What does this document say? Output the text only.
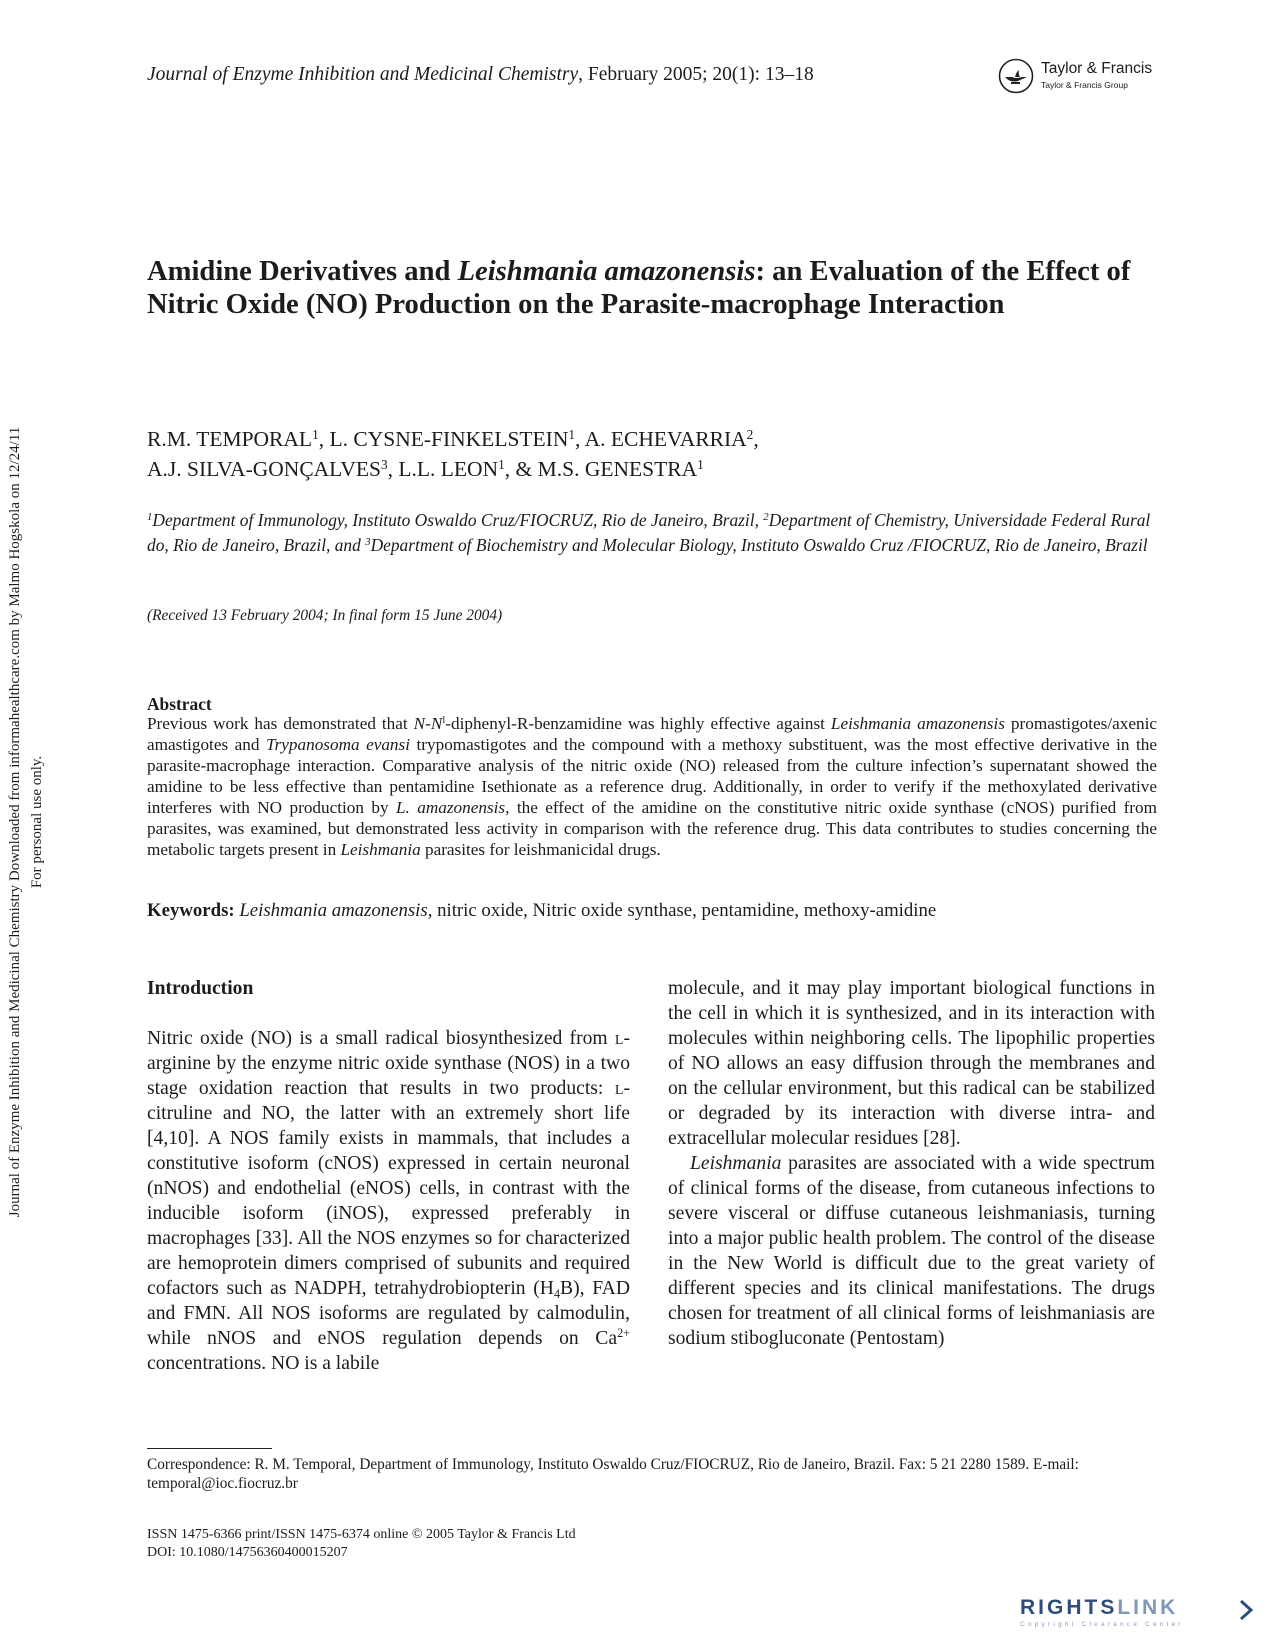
Journal of Enzyme Inhibition and Medicinal Chemistry, February 2005; 20(1): 13–18	Taylor & Francis
Taylor & Francis Group
Journal of Enzyme Inhibition and Medicinal Chemistry Downloaded from informahealthcare.com by Malmo Hogskola on 12/24/11 For personal use only.
Amidine Derivatives and Leishmania amazonensis: an Evaluation of the Effect of Nitric Oxide (NO) Production on the Parasite-macrophage Interaction
R.M. TEMPORAL$^1$, L. CYSNE-FINKELSTEIN$^1$, A. ECHEVARRIA$^2$,
A.J. SILVA-GONÇALVES$^3$, L.L. LEON$^1$, & M.S. GENESTRA$^1$
$^1$Department of Immunology, Instituto Oswaldo Cruz/FIOCRUZ, Rio de Janeiro, Brazil, $^2$Department of Chemistry, Universidade Federal Rural do, Rio de Janeiro, Brazil, and $^3$Department of Biochemistry and Molecular Biology, Instituto Oswaldo Cruz /FIOCRUZ, Rio de Janeiro, Brazil
(Received 13 February 2004; In final form 15 June 2004)
Abstract
Previous work has demonstrated that $N-N^l-diphenyl-R$-benzamidine was highly effective against Leishmania amazonensis promastigotes/axenic amastigotes and Trypanosoma evansi trypomastigotes and the compound with a methoxy substituent, was the most effective derivative in the parasite-macrophage interaction. Comparative analysis of the nitric oxide (NO) released from the culture infection’s supernatant showed the amidine to be less effective than pentamidine Isethionate as a reference drug. Additionally, in order to verify if the methoxylated derivative interferes with NO production by L. amazonensis, the effect of the amidine on the constitutive nitric oxide synthase (cNOS) purified from parasites, was examined, but demonstrated less activity in comparison with the reference drug. This data contributes to studies concerning the metabolic targets present in Leishmania parasites for leishmanicidal drugs.
Keywords: Leishmania amazonensis, nitric oxide, Nitric oxide synthase, pentamidine, methoxy-amidine
Introduction
Nitric oxide (NO) is a small radical biosynthesized from l-arginine by the enzyme nitric oxide synthase (NOS) in a two stage oxidation reaction that results in two products: l-citruline and NO, the latter with an extremely short life [4,10]. A NOS family exists in mammals, that includes a constitutive isoform (cNOS) expressed in certain neuronal (nNOS) and endothelial (eNOS) cells, in contrast with the inducible isoform (iNOS), expressed preferably in macrophages [33]. All the NOS enzymes so for characterized are hemoprotein dimers comprised of subunits and required cofactors such as NADPH, tetrahydrobiopterin $(H_4B)$, FAD and FMN. All NOS isoforms are regulated by calmodulin, while nNOS and eNOS regulation depends on $Ca^{2+}$ concentrations. NO is a labile

molecule, and it may play important biological functions in the cell in which it is synthesized, and in its interaction with molecules within neighboring cells. The lipophilic properties of NO allows an easy diffusion through the membranes and on the cellular environment, but this radical can be stabilized or degraded by its interaction with diverse intra- and extracellular molecular residues [28].

Leishmania parasites are associated with a wide spectrum of clinical forms of the disease, from cutaneous infections to severe visceral or diffuse cutaneous leishmaniasis, turning into a major public health problem. The control of the disease in the New World is difficult due to the great variety of different species and its clinical manifestations. The drugs chosen for treatment of all clinical forms of leishmaniasis are sodium stibogluconate (Pentostam)

Correspondence: R. M. Temporal, Department of Immunology, Instituto Oswaldo Cruz/FIOCRUZ, Rio de Janeiro, Brazil. Fax: 5 21 2280 1589. E-mail: temporal@ioc.fiocruz.br
ISSN 1475-6366 print/ISSN 1475-6374 online © 2005 Taylor & Francis Ltd
DOI: 10.1080/14756360400015207
RIGHTSLINK
Copyright Clearance Center
